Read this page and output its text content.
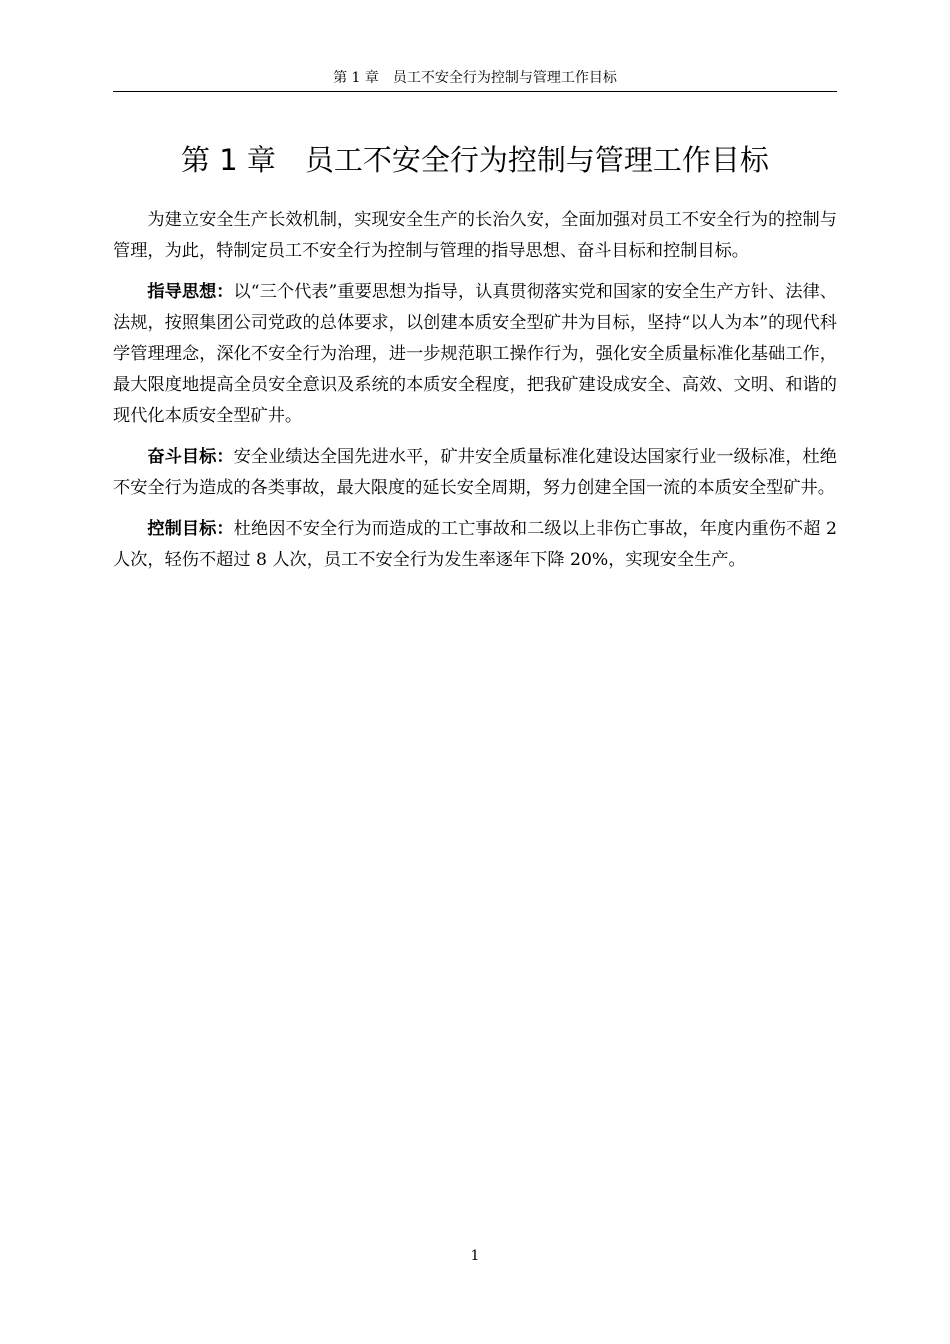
第 1 章　员工不安全行为控制与管理工作目标
第 1 章　员工不安全行为控制与管理工作目标

为建立安全生产长效机制，实现安全生产的长治久安，全面加强对员工不安全行为的控制与管理，为此，特制定员工不安全行为控制与管理的指导思想、奋斗目标和控制目标。

指导思想：以“三个代表”重要思想为指导，认真贯彻落实党和国家的安全生产方针、法律、法规，按照集团公司党政的总体要求，以创建本质安全型矿井为目标，坚持“以人为本”的现代科学管理理念，深化不安全行为治理，进一步规范职工操作行为，强化安全质量标准化基础工作，最大限度地提高全员安全意识及系统的本质安全程度，把我矿建设成安全、高效、文明、和谐的现代化本质安全型矿井。

奋斗目标：安全业绩达全国先进水平，矿井安全质量标准化建设达国家行业一级标准，杜绝不安全行为造成的各类事故，最大限度的延长安全周期，努力创建全国一流的本质安全型矿井。

控制目标：杜绝因不安全行为而造成的工亡事故和二级以上非伤亡事故，年度内重伤不超 2 人次，轻伤不超过 8 人次，员工不安全行为发生率逐年下降 20%，实现安全生产。

1
